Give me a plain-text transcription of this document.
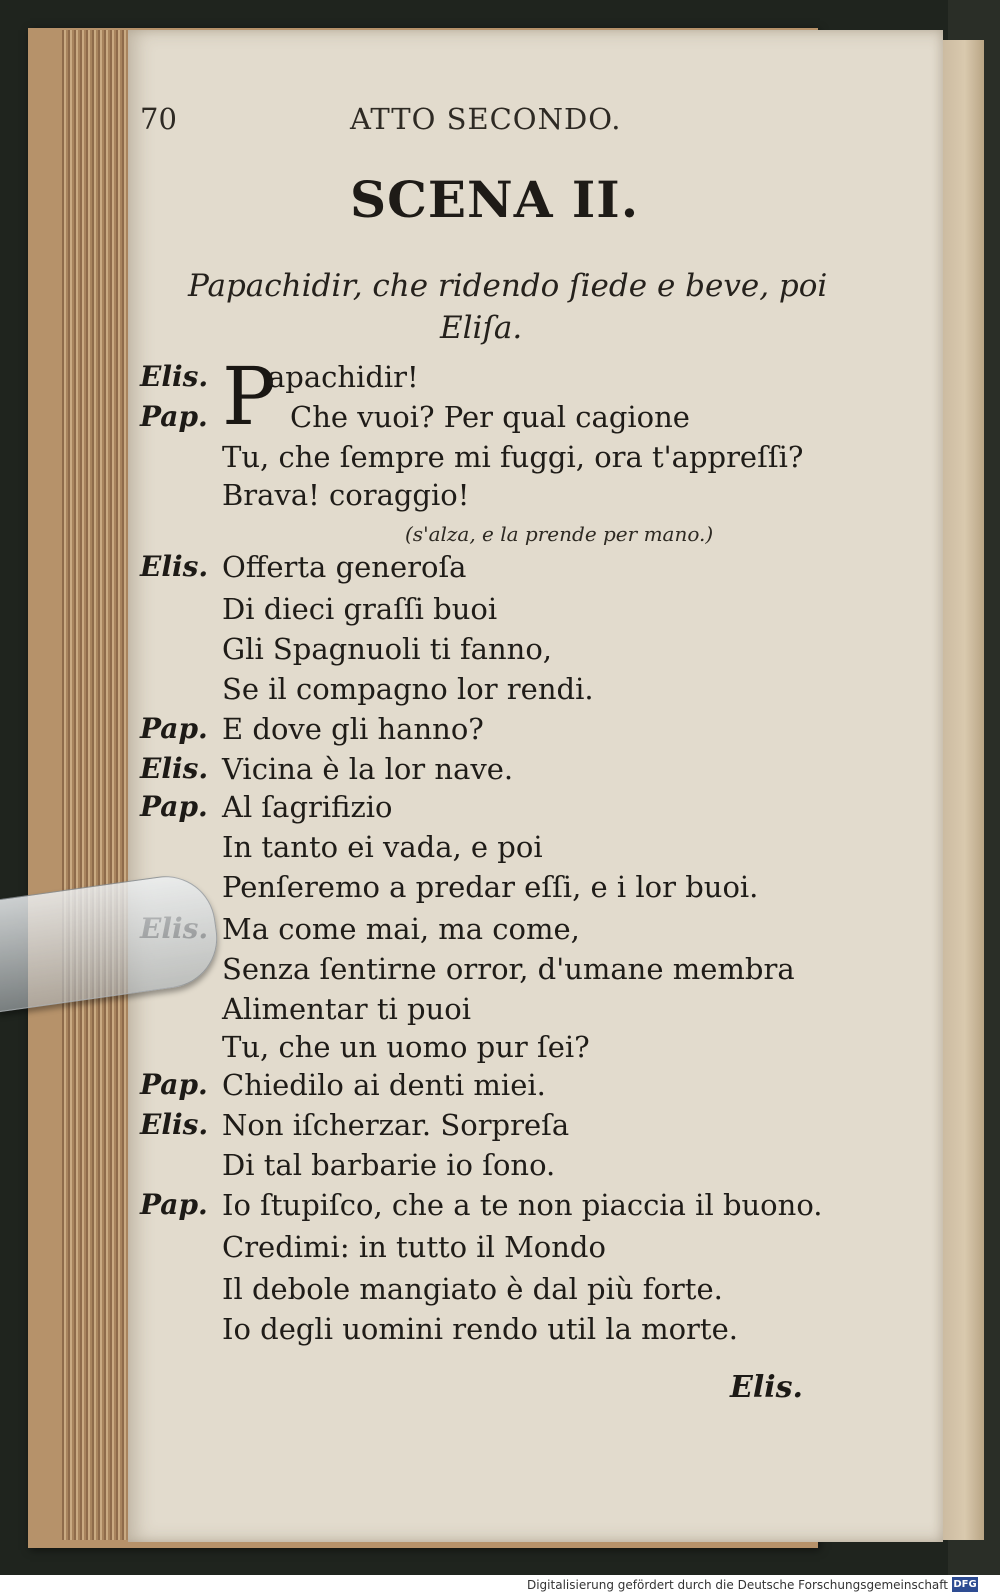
70	ATTO SECONDO.
SCENA II.
Papachidir, che ridendo ſiede e beve, poi
Eliſa.
P
Elis. apachidir!
Pap.	Che vuoi? Per qual cagione
Tu, che ſempre mi fuggi, ora t'appreſſi?
Brava! coraggio!
Elis. Offerta generoſa
Di dieci graſſi buoi
Gli Spagnuoli ti fanno,
Se il compagno lor rendi.
Pap. E dove gli hanno?
Elis. Vicina è la lor nave.
Pap. Al ſagrifizio
In tanto ei vada, e poi
Penſeremo a predar eſſi, e i lor buoi.
Ma come mai, ma come,
Senza ſentirne orror, d'umane membra
Alimentar ti puoi
Tu, che un uomo pur ſei?
Pap. Chiedilo ai denti miei.
Elis. Non iſcherzar. Sorpreſa
Di tal barbarie io ſono.
Pap. Io ſtupiſco, che a te non piaccia il buono.
Credimi: in tutto il Mondo
Il debole mangiato è dal più forte.
Io degli uomini rendo util la morte.
(s'alza, e la prende per mano.)
Elis.
Digitalisierung gefördert durch die Deutsche Forschungsgemeinschaft DFG
